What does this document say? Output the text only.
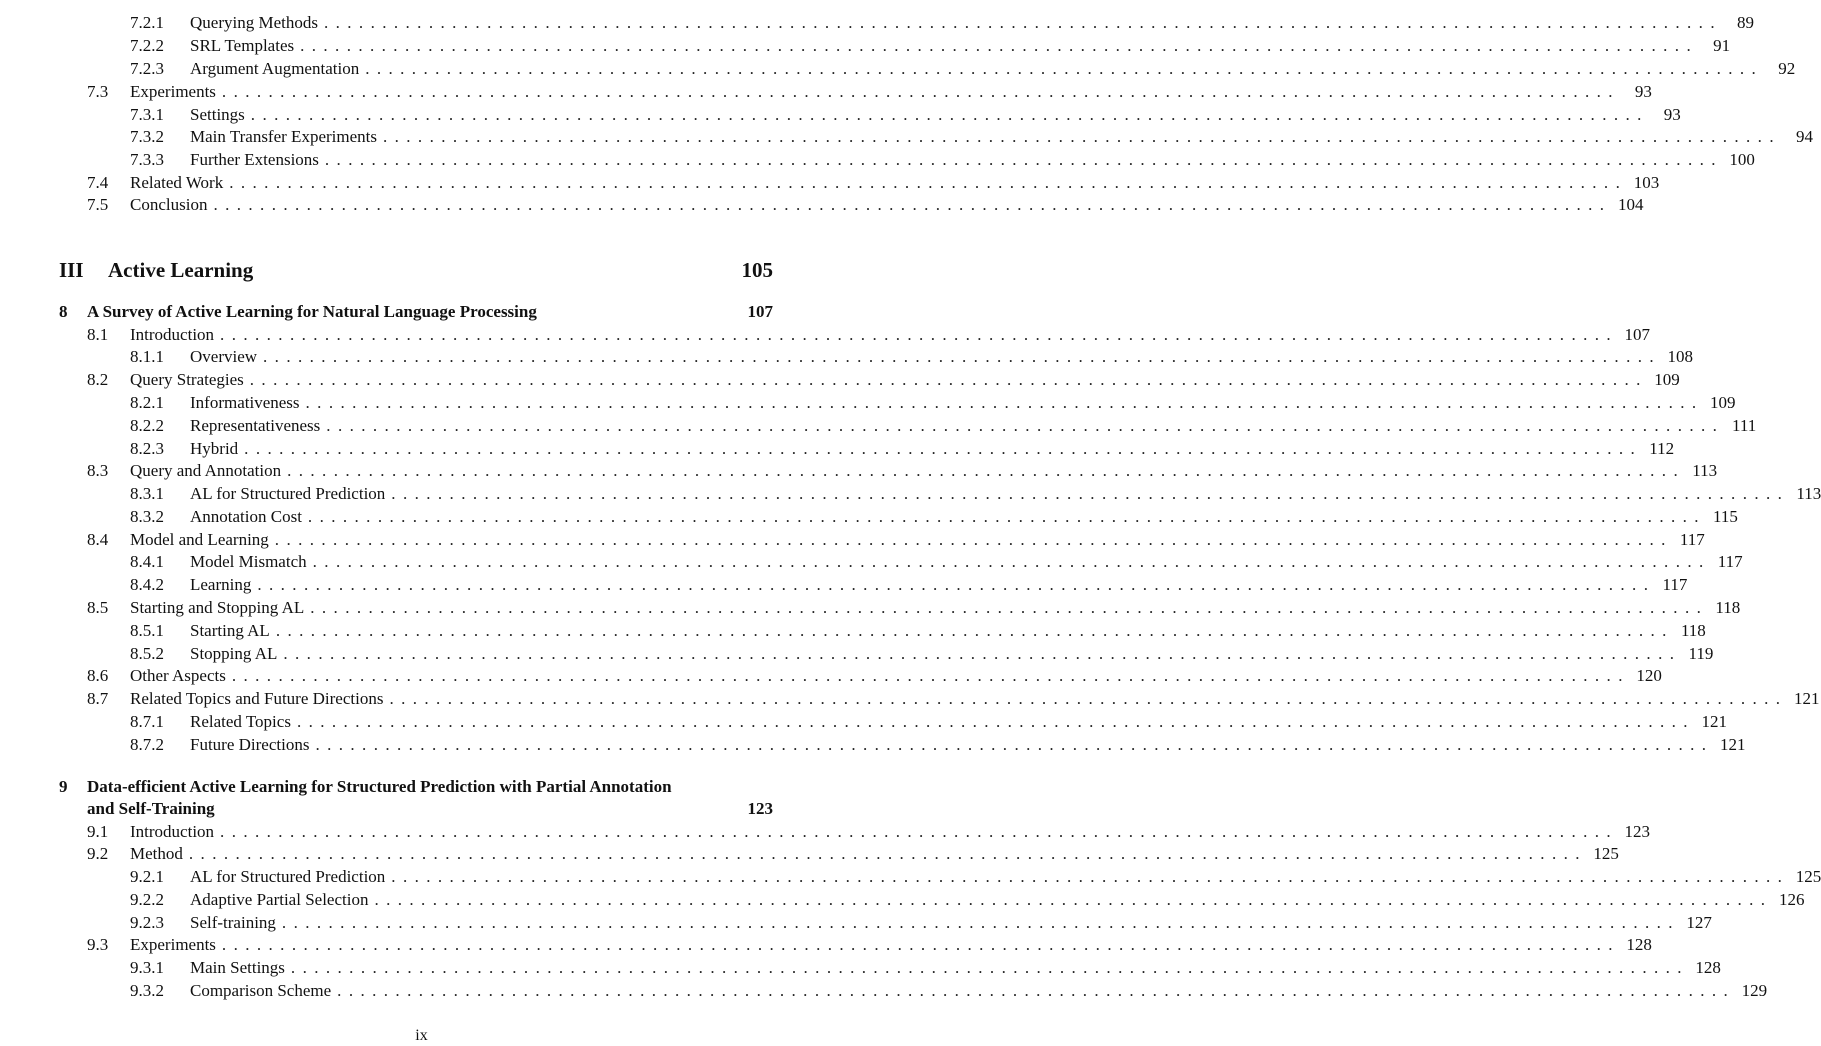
7.2.1	Querying Methods ........................................................................................................................ 89
7.2.2	SRL Templates ........................................................................................................................ 91
7.2.3	Argument Augmentation ........................................................................................................................ 92
7.3	Experiments ........................................................................................................................ 93
7.3.1	Settings ........................................................................................................................ 93
7.3.2	Main Transfer Experiments ........................................................................................................................ 94
7.3.3	Further Extensions ........................................................................................................................ 100
7.4	Related Work ........................................................................................................................ 103
7.5	Conclusion ........................................................................................................................ 104
III	Active Learning	105
8	A Survey of Active Learning for Natural Language Processing	107
8.1	Introduction ........................................................................................................................ 107
8.1.1	Overview ........................................................................................................................ 108
8.2	Query Strategies ........................................................................................................................ 109
8.2.1	Informativeness ........................................................................................................................ 109
8.2.2	Representativeness ........................................................................................................................ 111
8.2.3	Hybrid ........................................................................................................................ 112
8.3	Query and Annotation ........................................................................................................................ 113
8.3.1	AL for Structured Prediction ........................................................................................................................ 113
8.3.2	Annotation Cost ........................................................................................................................ 115
8.4	Model and Learning ........................................................................................................................ 117
8.4.1	Model Mismatch ........................................................................................................................ 117
8.4.2	Learning ........................................................................................................................ 117
8.5	Starting and Stopping AL ........................................................................................................................ 118
8.5.1	Starting AL ........................................................................................................................ 118
8.5.2	Stopping AL ........................................................................................................................ 119
8.6	Other Aspects ........................................................................................................................ 120
8.7	Related Topics and Future Directions ........................................................................................................................ 121
8.7.1	Related Topics ........................................................................................................................ 121
8.7.2	Future Directions ........................................................................................................................ 121
9	Data-efficient Active Learning for Structured Prediction with Partial Annotation
and Self-Training	123
9.1	Introduction ........................................................................................................................ 123
9.2	Method ........................................................................................................................ 125
9.2.1	AL for Structured Prediction ........................................................................................................................ 125
9.2.2	Adaptive Partial Selection ........................................................................................................................ 126
9.2.3	Self-training ........................................................................................................................ 127
9.3	Experiments ........................................................................................................................ 128
9.3.1	Main Settings ........................................................................................................................ 128
9.3.2	Comparison Scheme ........................................................................................................................ 129
ix
